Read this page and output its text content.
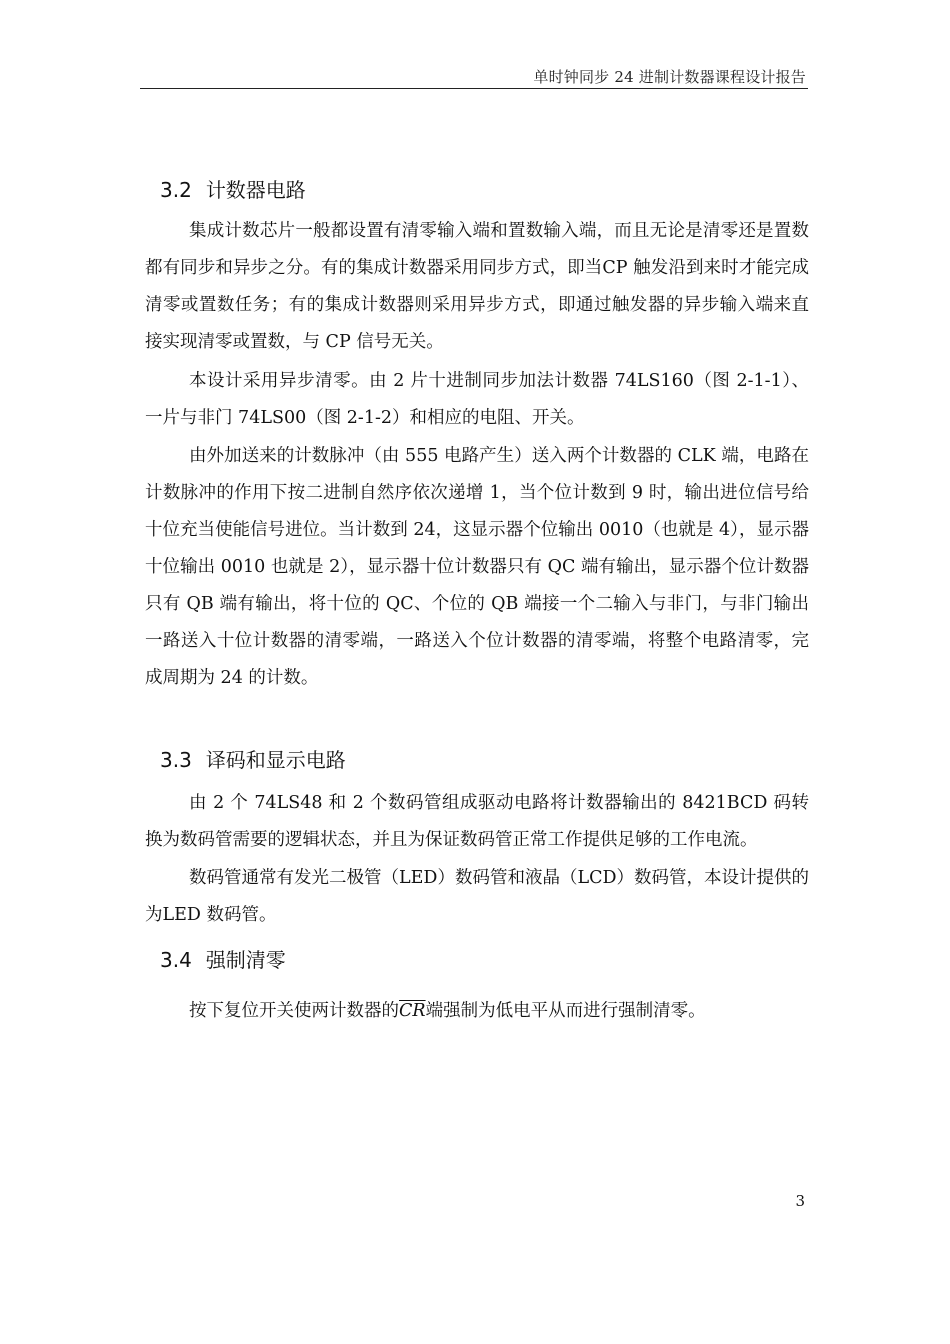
单时钟同步 24 进制计数器课程设计报告
3.2 计数器电路

集成计数芯片一般都设置有清零输入端和置数输入端，而且无论是清零还是置数都有同步和异步之分。有的集成计数器采用同步方式，即当CP 触发沿到来时才能完成清零或置数任务；有的集成计数器则采用异步方式，即通过触发器的异步输入端来直接实现清零或置数，与 CP 信号无关。

本设计采用异步清零。由 2 片十进制同步加法计数器 74LS160（图 2-1-1）、一片与非门 74LS00（图 2-1-2）和相应的电阻、开关。

由外加送来的计数脉冲（由 555 电路产生）送入两个计数器的 CLK 端，电路在计数脉冲的作用下按二进制自然序依次递增 1，当个位计数到 9 时，输出进位信号给十位充当使能信号进位。当计数到 24，这显示器个位输出 0010（也就是 4），显示器十位输出 0010 也就是 2），显示器十位计数器只有 QC 端有输出，显示器个位计数器只有 QB 端有输出，将十位的 QC、个位的 QB 端接一个二输入与非门，与非门输出一路送入十位计数器的清零端，一路送入个位计数器的清零端，将整个电路清零，完成周期为 24 的计数。

3.3 译码和显示电路

由 2 个 74LS48 和 2 个数码管组成驱动电路将计数器输出的 8421BCD 码转换为数码管需要的逻辑状态，并且为保证数码管正常工作提供足够的工作电流。

数码管通常有发光二极管（LED）数码管和液晶（LCD）数码管，本设计提供的为LED 数码管。

3.4 强制清零

按下复位开关使两计数器的$\overline{CR}$端强制为低电平从而进行强制清零。

3
